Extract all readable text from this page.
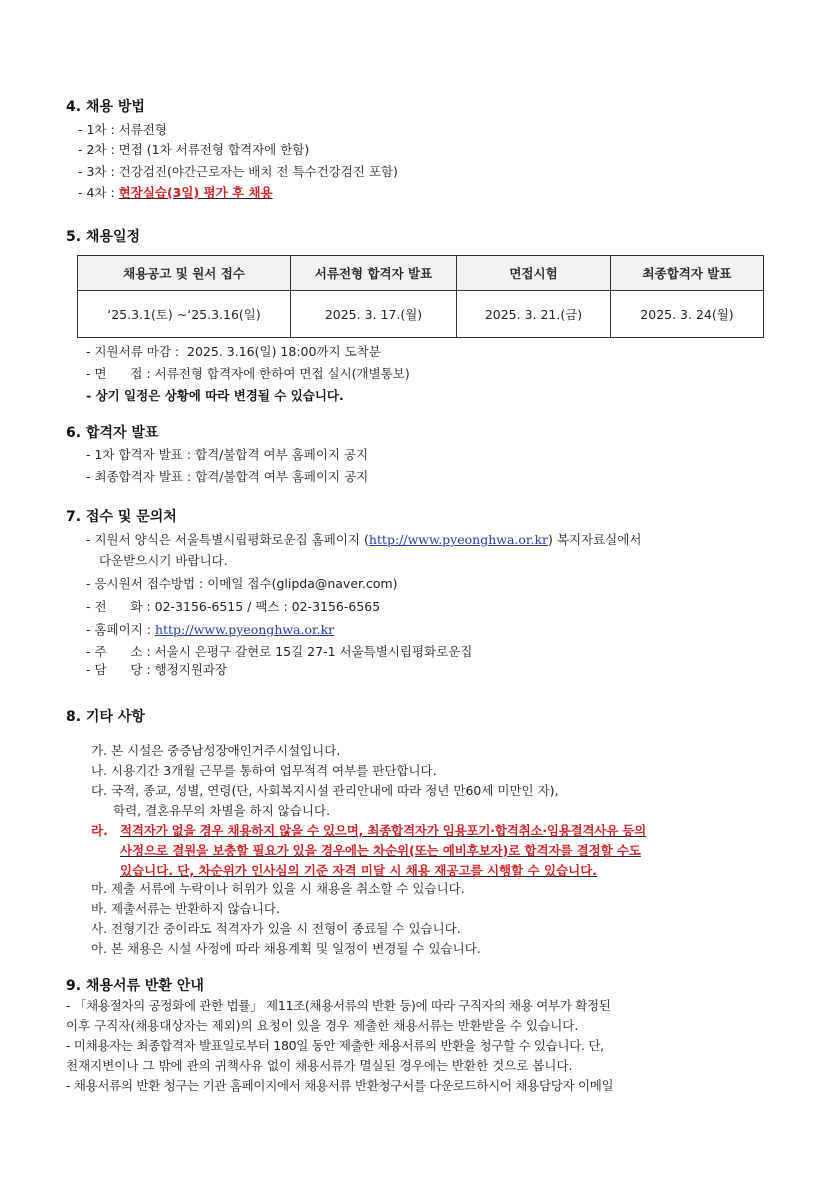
4. 채용 방법
- 1차 : 서류전형
- 2차 : 면접 (1차 서류전형 합격자에 한함)
- 3차 : 건강검진(야간근로자는 배치 전 특수건강검진 포함)
- 4차 : 현장실습(3일) 평가 후 채용
5. 채용일정
채용공고 및 원서 접수	서류전형 합격자 발표	면접시험	최종합격자 발표
‘25.3.1(토) ~‘25.3.16(일)	2025. 3. 17.(월)	2025. 3. 21.(금)	2025. 3. 24(월)
- 지원서류 마감 :  2025. 3.16(일) 18:00까지 도착분
- 면      접 : 서류전형 합격자에 한하여 면접 실시(개별통보)
- 상기 일정은 상황에 따라 변경될 수 있습니다.
6. 합격자 발표
- 1차 합격자 발표 : 합격/불합격 여부 홈페이지 공지
- 최종합격자 발표 : 합격/불합격 여부 홈페이지 공지
7. 접수 및 문의처
- 지원서 양식은 서울특별시립평화로운집 홈페이지 (http://www.pyeonghwa.or.kr) 복지자료실에서
다운받으시기 바랍니다.
- 응시원서 접수방법 : 이메일 접수(glipda@naver.com)
- 전      화 : 02-3156-6515 / 팩스 : 02-3156-6565
- 홈페이지 : http://www.pyeonghwa.or.kr
- 주      소 : 서울시 은평구 갈현로 15길 27-1 서울특별시립평화로운집
- 담      당 : 행정지원과장
8. 기타 사항
가. 본 시설은 중증남성장애인거주시설입니다.
나. 시용기간 3개월 근무를 통하여 업무적격 여부를 판단합니다.
다. 국적, 종교, 성별, 연령(단, 사회복지시설 관리안내에 따라 정년 만60세 미만인 자),
학력, 결혼유무의 차별을 하지 않습니다.
라. 적격자가 없을 경우 채용하지 않을 수 있으며, 최종합격자가 임용포기·합격취소·임용결격사유 등의
사정으로 결원을 보충할 필요가 있을 경우에는 차순위(또는 예비후보자)로 합격자를 결정할 수도
있습니다. 단, 차순위가 인사심의 기준 자격 미달 시 채용 재공고를 시행할 수 있습니다.
마. 제출 서류에 누락이나 허위가 있을 시 채용을 취소할 수 있습니다.
바. 제출서류는 반환하지 않습니다.
사. 전형기간 중이라도 적격자가 있을 시 전형이 종료될 수 있습니다.
아. 본 채용은 시설 사정에 따라 채용계획 및 일정이 변경될 수 있습니다.
9. 채용서류 반환 안내
- 「채용절차의 공정화에 관한 법률」 제11조(채용서류의 반환 등)에 따라 구직자의 채용 여부가 확정된
이후 구직자(채용대상자는 제외)의 요청이 있을 경우 제출한 채용서류는 반환받을 수 있습니다.
- 미채용자는 최종합격자 발표일로부터 180일 동안 제출한 채용서류의 반환을 청구할 수 있습니다. 단,
천재지변이나 그 밖에 관의 귀책사유 없이 채용서류가 멸실된 경우에는 반환한 것으로 봅니다.
- 채용서류의 반환 청구는 기관 홈페이지에서 채용서류 반환청구서를 다운로드하시어 채용담당자 이메일
